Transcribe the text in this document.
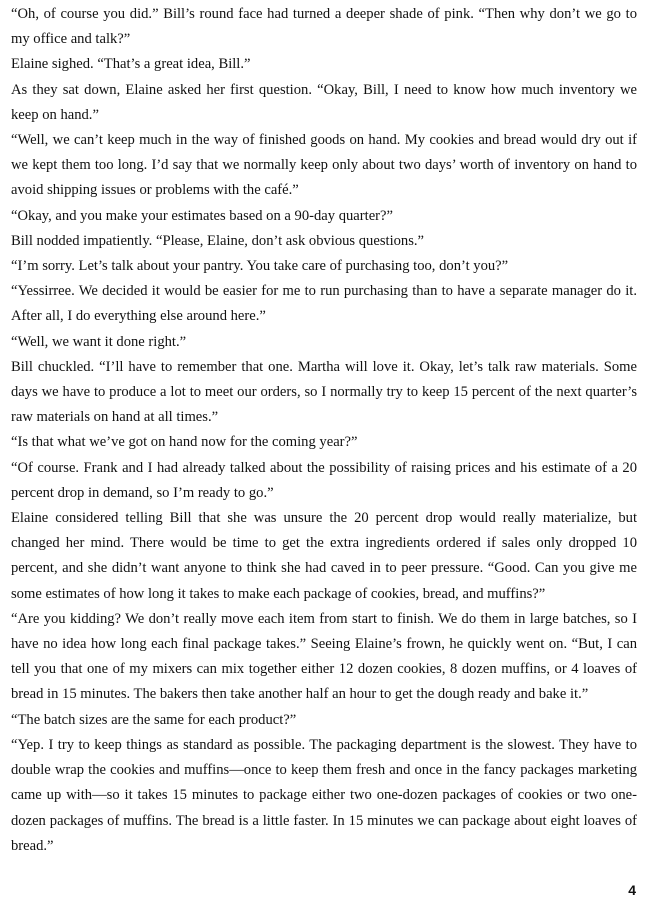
“Oh, of course you did.” Bill’s round face had turned a deeper shade of pink. “Then why don’t we go to my office and talk?”

Elaine sighed. “That’s a great idea, Bill.”

As they sat down, Elaine asked her first question. “Okay, Bill, I need to know how much inventory we keep on hand.”

“Well, we can’t keep much in the way of finished goods on hand. My cookies and bread would dry out if we kept them too long. I’d say that we normally keep only about two days’ worth of inventory on hand to avoid shipping issues or problems with the café.”

“Okay, and you make your estimates based on a 90-day quarter?”

Bill nodded impatiently. “Please, Elaine, don’t ask obvious questions.”

“I’m sorry. Let’s talk about your pantry. You take care of purchasing too, don’t you?”

“Yessirree. We decided it would be easier for me to run purchasing than to have a separate manager do it. After all, I do everything else around here.”

“Well, we want it done right.”

Bill chuckled. “I’ll have to remember that one. Martha will love it. Okay, let’s talk raw materials. Some days we have to produce a lot to meet our orders, so I normally try to keep 15 percent of the next quarter’s raw materials on hand at all times.”

“Is that what we’ve got on hand now for the coming year?”

“Of course. Frank and I had already talked about the possibility of raising prices and his estimate of a 20 percent drop in demand, so I’m ready to go.”

Elaine considered telling Bill that she was unsure the 20 percent drop would really materialize, but changed her mind. There would be time to get the extra ingredients ordered if sales only dropped 10 percent, and she didn’t want anyone to think she had caved in to peer pressure. “Good. Can you give me some estimates of how long it takes to make each package of cookies, bread, and muffins?”

“Are you kidding? We don’t really move each item from start to finish. We do them in large batches, so I have no idea how long each final package takes.” Seeing Elaine’s frown, he quickly went on. “But, I can tell you that one of my mixers can mix together either 12 dozen cookies, 8 dozen muffins, or 4 loaves of bread in 15 minutes. The bakers then take another half an hour to get the dough ready and bake it.”

“The batch sizes are the same for each product?”

“Yep. I try to keep things as standard as possible. The packaging department is the slowest. They have to double wrap the cookies and muffins—once to keep them fresh and once in the fancy packages marketing came up with—so it takes 15 minutes to package either two one-dozen packages of cookies or two one-dozen packages of muffins. The bread is a little faster. In 15 minutes we can package about eight loaves of bread.”

4
